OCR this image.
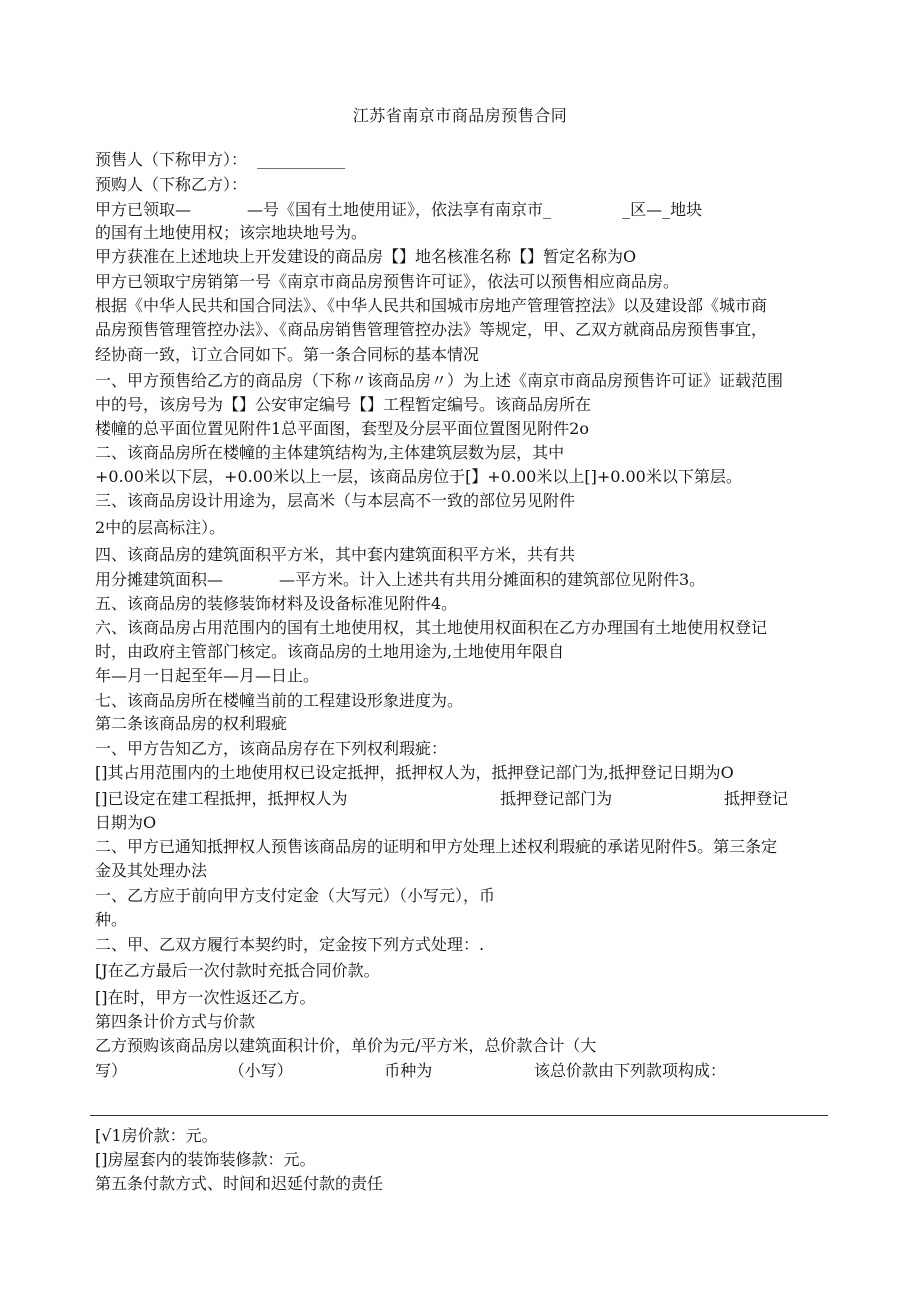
江苏省南京市商品房预售合同

预售人（下称甲方）：  ___________

预购人（下称乙方）：

甲方已领取—           —号《国有土地使用证》，依法享有南京市_              _区—_地块

的国有土地使用权；该宗地块地号为。

甲方获准在上述地块上开发建设的商品房【】地名核准名称【】暂定名称为O

甲方已领取宁房销第一号《南京市商品房预售许可证》，依法可以预售相应商品房。

根据《中华人民共和国合同法》、《中华人民共和国城市房地产管理管控法》以及建设部《城市商

品房预售管理管控办法》、《商品房销售管理管控办法》等规定，甲、乙双方就商品房预售事宜，

经协商一致，订立合同如下。第一条合同标的基本情况

一、甲方预售给乙方的商品房（下称〃该商品房〃）为上述《南京市商品房预售许可证》证载范围

中的号，该房号为【】公安审定编号【】工程暂定编号。该商品房所在

楼幢的总平面位置见附件1总平面图，套型及分层平面位置图见附件2o

二、该商品房所在楼幢的主体建筑结构为,主体建筑层数为层，其中

+0.00米以下层，+0.00米以上一层，该商品房位于[】+0.00米以上[]+0.00米以下第层。

三、该商品房设计用途为，层高米（与本层高不一致的部位另见附件

2中的层高标注）。

四、该商品房的建筑面积平方米，其中套内建筑面积平方米，共有共

用分摊建筑面积—           —平方米。计入上述共有共用分摊面积的建筑部位见附件3。

五、该商品房的装修装饰材料及设备标准见附件4。

六、该商品房占用范围内的国有土地使用权，其土地使用权面积在乙方办理国有土地使用权登记

时，由政府主管部门核定。该商品房的土地用途为,土地使用年限自

年—月一日起至年—月—日止。

七、该商品房所在楼幢当前的工程建设形象进度为。

第二条该商品房的权利瑕疵

一、甲方告知乙方，该商品房存在下列权利瑕疵：

[]其占用范围内的土地使用权已设定抵押，抵押权人为，抵押登记部门为,抵押登记日期为O

[]已设定在建工程抵押，抵押权人为                              抵押登记部门为                      抵押登记

日期为O

二、甲方已通知抵押权人预售该商品房的证明和甲方处理上述权利瑕疵的承诺见附件5。第三条定

金及其处理办法

一、乙方应于前向甲方支付定金（大写元）（小写元），币

种。

二、甲、乙双方履行本契约时，定金按下列方式处理：.

[J在乙方最后一次付款时充抵合同价款。

[]在时，甲方一次性返还乙方。

第四条计价方式与价款

乙方预购该商品房以建筑面积计价，单价为元/平方米，总价款合计（大

写）                    （小写）                  币种为                    该总价款由下列款项构成：

[√1房价款：元。

[]房屋套内的装饰装修款：元。

第五条付款方式、时间和迟延付款的责任
